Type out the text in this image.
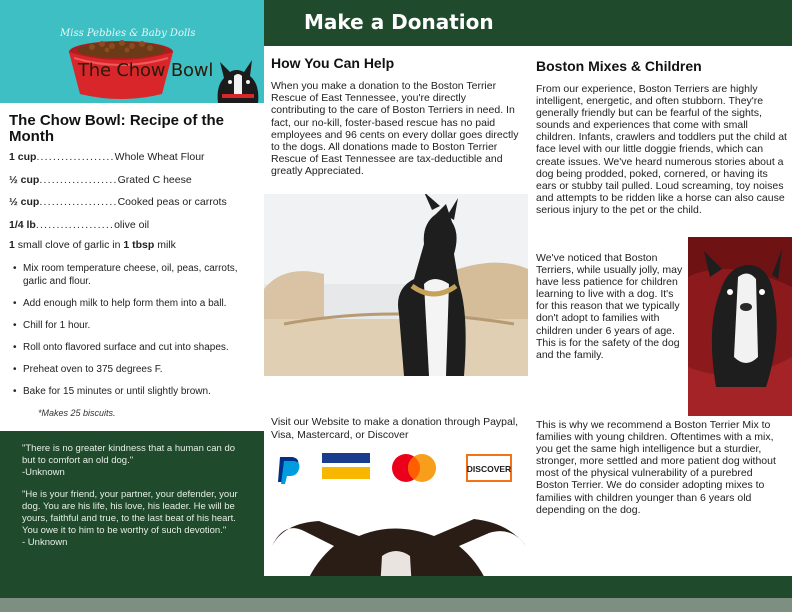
Miss Pebbles & Baby Dolls
The Chow Bowl
The Chow Bowl: Recipe of the Month
1 cup...................Whole Wheat Flour
½ cup...................Grated C heese
½ cup...................Cooked peas or carrots
1/4 lb...................olive oil
1 small clove of garlic in 1 tbsp milk
• Mix room temperature cheese, oil, peas, carrots, garlic and flour.
• Add enough milk to help form them into a ball.
• Chill for 1 hour.
• Roll onto flavored surface and cut into shapes.
• Preheat oven to 375 degrees F.
• Bake for 15 minutes or until slightly brown.
*Makes 25 biscuits.

"There is no greater kindness that a human can do but to comfort an old dog."
-Unknown

"He is your friend, your partner, your defender, your dog. You are his life, his love, his leader. He will be yours, faithful and true, to the last beat of his heart. You owe it to him to be worthy of such devotion."
- Unknown

Make a Donation
How You Can Help
When you make a donation to the Boston Terrier Rescue of East Tennessee, you're directly contributing to the care of Boston Terriers in need. In fact, our no-kill, foster-based rescue has no paid employees and 96 cents on every dollar goes directly to the dogs. All donations made to Boston Terrier Rescue of East Tennessee are tax-deductible and greatly Appreciated.
Visit our Website to make a donation through Paypal, Visa, Mastercard, or Discover
DISCOVER
Boston Mixes & Children
From our experience, Boston Terriers are highly intelligent, energetic, and often stubborn. They're generally friendly but can be fearful of the sights, sounds and experiences that come with small children. Infants, crawlers and toddlers put the child at face level with our little doggie friends, which can create issues. We've heard numerous stories about a dog being prodded, poked, cornered, or having its ears or stubby tail pulled. Loud screaming, toy noises and attempts to be ridden like a horse can also cause serious injury to the pet or the child.
We've noticed that Boston Terriers, while usually jolly, may have less patience for children learning to live with a dog. It's for this reason that we typically don't adopt to families with children under 6 years of age. This is for the safety of the dog and the family.
This is why we recommend a Boston Terrier Mix to families with young children. Oftentimes with a mix, you get the same high intelligence but a sturdier, stronger, more settled and more patient dog without most of the physical vulnerability of a purebred Boston Terrier. We do consider adopting mixes to families with children younger than 6 years old depending on the dog.
